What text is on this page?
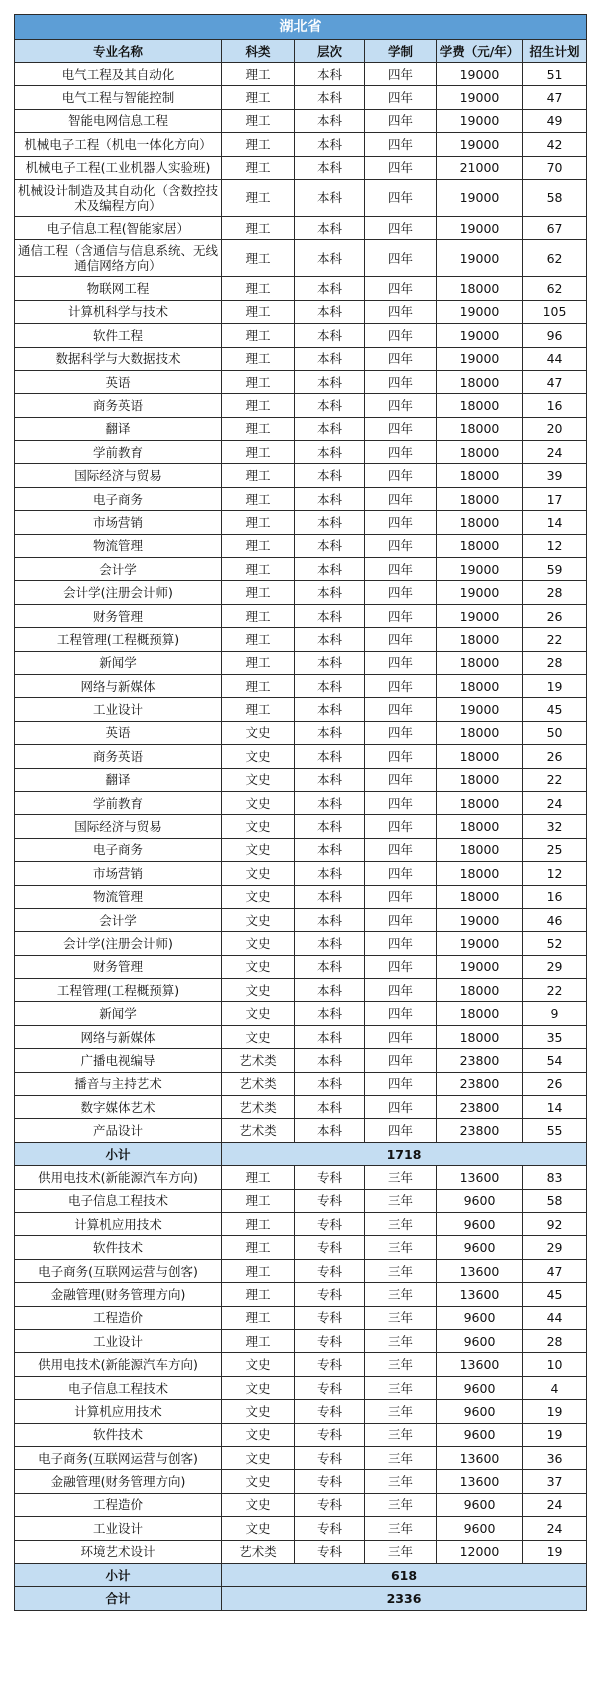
湖北省					
专业名称	科类	层次	学制	学费（元/年）	招生计划
电气工程及其自动化	理工	本科	四年	19000	51
电气工程与智能控制	理工	本科	四年	19000	47
智能电网信息工程	理工	本科	四年	19000	49
机械电子工程（机电一体化方向）	理工	本科	四年	19000	42
机械电子工程(工业机器人实验班)	理工	本科	四年	21000	70
机械设计制造及其自动化（含数控技术及编程方向）	理工	本科	四年	19000	58
电子信息工程(智能家居）	理工	本科	四年	19000	67
通信工程（含通信与信息系统、无线通信网络方向）	理工	本科	四年	19000	62
物联网工程	理工	本科	四年	18000	62
计算机科学与技术	理工	本科	四年	19000	105
软件工程	理工	本科	四年	19000	96
数据科学与大数据技术	理工	本科	四年	19000	44
英语	理工	本科	四年	18000	47
商务英语	理工	本科	四年	18000	16
翻译	理工	本科	四年	18000	20
学前教育	理工	本科	四年	18000	24
国际经济与贸易	理工	本科	四年	18000	39
电子商务	理工	本科	四年	18000	17
市场营销	理工	本科	四年	18000	14
物流管理	理工	本科	四年	18000	12
会计学	理工	本科	四年	19000	59
会计学(注册会计师)	理工	本科	四年	19000	28
财务管理	理工	本科	四年	19000	26
工程管理(工程概预算)	理工	本科	四年	18000	22
新闻学	理工	本科	四年	18000	28
网络与新媒体	理工	本科	四年	18000	19
工业设计	理工	本科	四年	19000	45
英语	文史	本科	四年	18000	50
商务英语	文史	本科	四年	18000	26
翻译	文史	本科	四年	18000	22
学前教育	文史	本科	四年	18000	24
国际经济与贸易	文史	本科	四年	18000	32
电子商务	文史	本科	四年	18000	25
市场营销	文史	本科	四年	18000	12
物流管理	文史	本科	四年	18000	16
会计学	文史	本科	四年	19000	46
会计学(注册会计师)	文史	本科	四年	19000	52
财务管理	文史	本科	四年	19000	29
工程管理(工程概预算)	文史	本科	四年	18000	22
新闻学	文史	本科	四年	18000	9
网络与新媒体	文史	本科	四年	18000	35
广播电视编导	艺术类	本科	四年	23800	54
播音与主持艺术	艺术类	本科	四年	23800	26
数字媒体艺术	艺术类	本科	四年	23800	14
产品设计	艺术类	本科	四年	23800	55
小计	1718				
供用电技术(新能源汽车方向)	理工	专科	三年	13600	83
电子信息工程技术	理工	专科	三年	9600	58
计算机应用技术	理工	专科	三年	9600	92
软件技术	理工	专科	三年	9600	29
电子商务(互联网运营与创客)	理工	专科	三年	13600	47
金融管理(财务管理方向)	理工	专科	三年	13600	45
工程造价	理工	专科	三年	9600	44
工业设计	理工	专科	三年	9600	28
供用电技术(新能源汽车方向)	文史	专科	三年	13600	10
电子信息工程技术	文史	专科	三年	9600	4
计算机应用技术	文史	专科	三年	9600	19
软件技术	文史	专科	三年	9600	19
电子商务(互联网运营与创客)	文史	专科	三年	13600	36
金融管理(财务管理方向)	文史	专科	三年	13600	37
工程造价	文史	专科	三年	9600	24
工业设计	文史	专科	三年	9600	24
环境艺术设计	艺术类	专科	三年	12000	19
小计	618				
合计	2336				
